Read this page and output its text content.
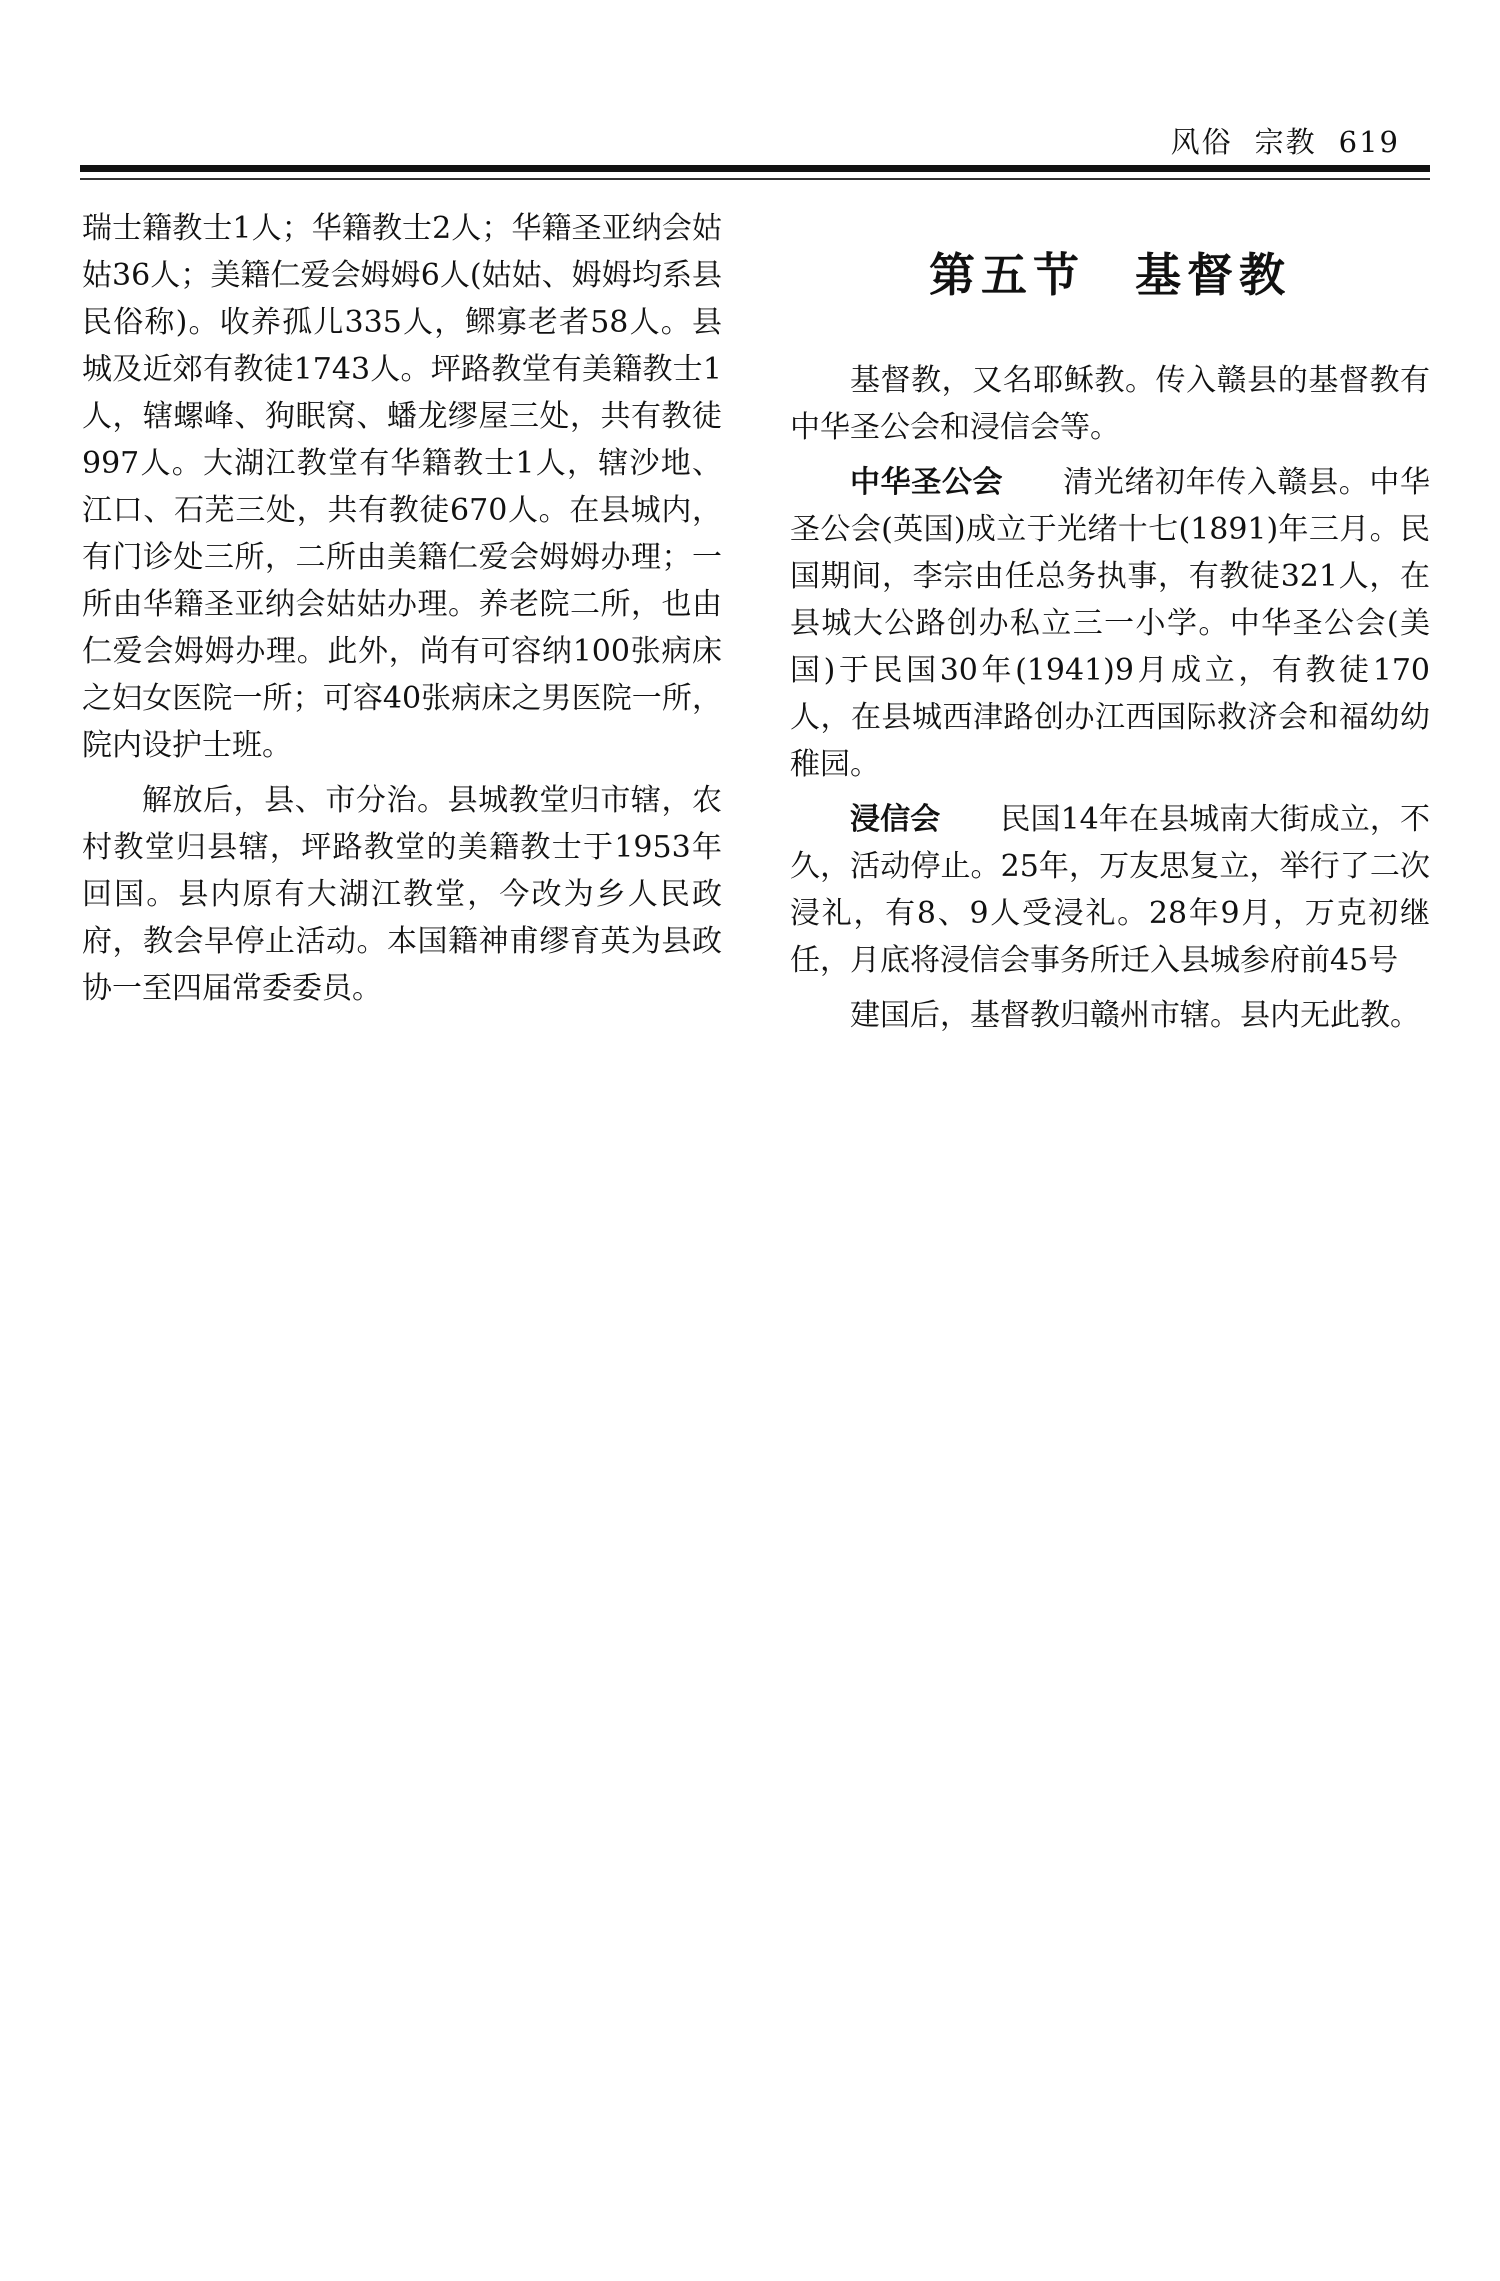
风俗 宗教 619

瑞士籍教士1人；华籍教士2人；华籍圣亚纳会姑姑36人；美籍仁爱会姆姆6人(姑姑、姆姆均系县民俗称)。收养孤儿335人，鳏寡老者58人。县城及近郊有教徒1743人。坪路教堂有美籍教士1人，辖螺峰、狗眠窝、蟠龙缪屋三处，共有教徒997人。大湖江教堂有华籍教士1人，辖沙地、江口、石芜三处，共有教徒670人。在县城内，有门诊处三所，二所由美籍仁爱会姆姆办理；一所由华籍圣亚纳会姑姑办理。养老院二所，也由仁爱会姆姆办理。此外，尚有可容纳100张病床之妇女医院一所；可容40张病床之男医院一所，院内设护士班。

解放后，县、市分治。县城教堂归市辖，农村教堂归县辖，坪路教堂的美籍教士于1953年回国。县内原有大湖江教堂，今改为乡人民政府，教会早停止活动。本国籍神甫缪育英为县政协一至四届常委委员。

第五节 基督教

基督教，又名耶稣教。传入赣县的基督教有中华圣公会和浸信会等。

中华圣公会 清光绪初年传入赣县。中华圣公会(英国)成立于光绪十七(1891)年三月。民国期间，李宗由任总务执事，有教徒321人，在县城大公路创办私立三一小学。中华圣公会(美国)于民国30年(1941)9月成立，有教徒170人，在县城西津路创办江西国际救济会和福幼幼稚园。

浸信会 民国14年在县城南大街成立，不久，活动停止。25年，万友思复立，举行了二次浸礼，有8、9人受浸礼。28年9月，万克初继任，月底将浸信会事务所迁入县城参府前45号

建国后，基督教归赣州市辖。县内无此教。
